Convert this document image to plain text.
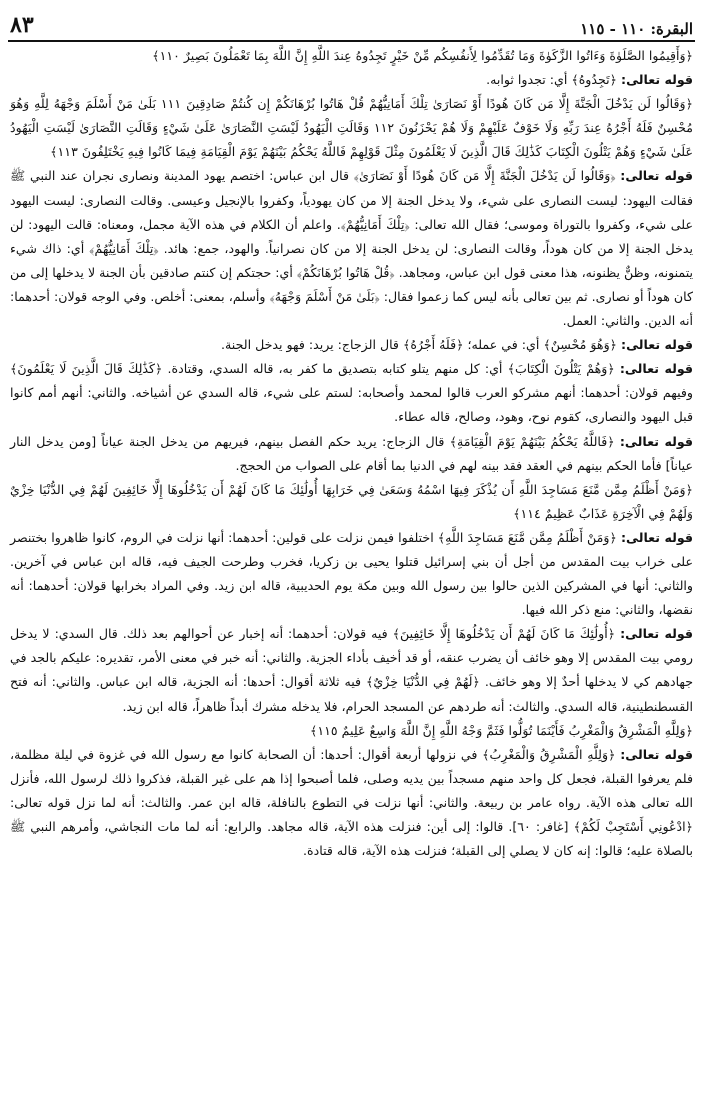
البقرة: ١١٠ - ١١٥
٨٣
﴿وَأَقِيمُوا الصَّلَوٰةَ وَءَاتُوا الزَّكَوٰةَ وَمَا تُقَدِّمُوا لِأَنفُسِكُم مِّنْ خَيْرٍ تَجِدُوهُ عِندَ اللَّهِ إِنَّ اللَّهَ بِمَا تَعْمَلُونَ بَصِيرٌ ١١٠﴾
قوله تعالى: ﴿تَجِدُوهُ﴾ أي: تجدوا ثوابه.
﴿وَقَالُوا لَن يَدْخُلَ الْجَنَّةَ إِلَّا مَن كَانَ هُودًا أَوْ نَصَارَىٰ تِلْكَ أَمَانِيُّهُمْ قُلْ هَاتُوا بُرْهَانَكُمْ إِن كُنتُمْ صَادِقِينَ ١١١ بَلَىٰ مَنْ أَسْلَمَ وَجْهَهُ لِلَّهِ وَهُوَ مُحْسِنٌ فَلَهُ أَجْرُهُ عِندَ رَبِّهِ وَلَا خَوْفٌ عَلَيْهِمْ وَلَا هُمْ يَحْزَنُونَ ١١٢ وَقَالَتِ الْيَهُودُ لَيْسَتِ النَّصَارَىٰ عَلَىٰ شَيْءٍ وَقَالَتِ النَّصَارَىٰ لَيْسَتِ الْيَهُودُ عَلَىٰ شَيْءٍ وَهُمْ يَتْلُونَ الْكِتَابَ كَذَٰلِكَ قَالَ الَّذِينَ لَا يَعْلَمُونَ مِثْلَ قَوْلِهِمْ فَاللَّهُ يَحْكُمُ بَيْنَهُمْ يَوْمَ الْقِيَامَةِ فِيمَا كَانُوا فِيهِ يَخْتَلِفُونَ ١١٣﴾
قوله تعالى: ﴿وَقَالُوا لَن يَدْخُلَ الْجَنَّةَ إِلَّا مَن كَانَ هُودًا أَوْ نَصَارَىٰ﴾ قال ابن عباس: اختصم يهود المدينة ونصارى نجران عند النبي ﷺ فقالت اليهود: ليست النصارى على شيء، ولا يدخل الجنة إلا من كان يهودياً، وكفروا بالإنجيل وعيسى. وقالت النصارى: ليست اليهود على شيء، وكفروا بالتوراة وموسى؛ فقال الله تعالى: ﴿تِلْكَ أَمَانِيُّهُمْ﴾. واعلم أن الكلام في هذه الآية مجمل، ومعناه: قالت اليهود: لن يدخل الجنة إلا من كان هوداً، وقالت النصارى: لن يدخل الجنة إلا من كان نصرانياً. والهود، جمع: هائد. ﴿تِلْكَ أَمَانِيُّهُمْ﴾ أي: ذاك شيء يتمنونه، وظنٌّ يظنونه، هذا معنى قول ابن عباس، ومجاهد. ﴿قُلْ هَاتُوا بُرْهَانَكُمْ﴾ أي: حجتكم إن كنتم صادقين بأن الجنة لا يدخلها إلى من كان هوداً أو نصارى. ثم بين تعالى بأنه ليس كما زعموا فقال: ﴿بَلَىٰ مَنْ أَسْلَمَ وَجْهَهُ﴾ وأسلم، بمعنى: أخلص. وفي الوجه قولان: أحدهما: أنه الدين. والثاني: العمل.
قوله تعالى: ﴿وَهُوَ مُحْسِنٌ﴾ أي: في عمله؛ ﴿فَلَهُ أَجْرُهُ﴾ قال الزجاج: يريد: فهو يدخل الجنة.
قوله تعالى: ﴿وَهُمْ يَتْلُونَ الْكِتَابَ﴾ أي: كل منهم يتلو كتابه بتصديق ما كفر به، قاله السدي، وقتادة. ﴿كَذَٰلِكَ قَالَ الَّذِينَ لَا يَعْلَمُونَ﴾ وفيهم قولان: أحدهما: أنهم مشركو العرب قالوا لمحمد وأصحابه: لستم على شيء، قاله السدي عن أشياخه. والثاني: أنهم أمم كانوا قبل اليهود والنصارى، كقوم نوح، وهود، وصالح، قاله عطاء.
قوله تعالى: ﴿فَاللَّهُ يَحْكُمُ بَيْنَهُمْ يَوْمَ الْقِيَامَةِ﴾ قال الزجاج: يريد حكم الفصل بينهم، فيريهم من يدخل الجنة عياناً [ومن يدخل النار عياناً] فأما الحكم بينهم في العقد فقد بينه لهم في الدنيا بما أقام على الصواب من الحجج.
﴿وَمَنْ أَظْلَمُ مِمَّن مَّنَعَ مَسَاجِدَ اللَّهِ أَن يُذْكَرَ فِيهَا اسْمُهُ وَسَعَىٰ فِي خَرَابِهَا أُولَٰئِكَ مَا كَانَ لَهُمْ أَن يَدْخُلُوهَا إِلَّا خَائِفِينَ لَهُمْ فِي الدُّنْيَا خِزْيٌ وَلَهُمْ فِي الْآخِرَةِ عَذَابٌ عَظِيمٌ ١١٤﴾
قوله تعالى: ﴿وَمَنْ أَظْلَمُ مِمَّن مَّنَعَ مَسَاجِدَ اللَّهِ﴾ اختلفوا فيمن نزلت على قولين: أحدهما: أنها نزلت في الروم، كانوا ظاهروا بختنصر على خراب بيت المقدس من أجل أن بني إسرائيل قتلوا يحيى بن زكريا، فخرب وطرحت الجيف فيه، قاله ابن عباس في آخرين. والثاني: أنها في المشركين الذين حالوا بين رسول الله وبين مكة يوم الحديبية، قاله ابن زيد. وفي المراد بخرابها قولان: أحدهما: أنه نقضها، والثاني: منع ذكر الله فيها.
قوله تعالى: ﴿أُولَٰئِكَ مَا كَانَ لَهُمْ أَن يَدْخُلُوهَا إِلَّا خَائِفِينَ﴾ فيه قولان: أحدهما: أنه إخبار عن أحوالهم بعد ذلك. قال السدي: لا يدخل رومي بيت المقدس إلا وهو خائف أن يضرب عنقه، أو قد أخيف بأداء الجزية. والثاني: أنه خبر في معنى الأمر، تقديره: عليكم بالجد في جهادهم كي لا يدخلها أحدٌ إلا وهو خائف. ﴿لَهُمْ فِي الدُّنْيَا خِزْيٌ﴾ فيه ثلاثة أقوال: أحدها: أنه الجزية، قاله ابن عباس. والثاني: أنه فتح القسطنطينية، قاله السدي. والثالث: أنه طردهم عن المسجد الحرام، فلا يدخله مشرك أبداً ظاهراً، قاله ابن زيد.
﴿وَلِلَّهِ الْمَشْرِقُ وَالْمَغْرِبُ فَأَيْنَمَا تُوَلُّوا فَثَمَّ وَجْهُ اللَّهِ إِنَّ اللَّهَ وَاسِعٌ عَلِيمٌ ١١٥﴾
قوله تعالى: ﴿وَلِلَّهِ الْمَشْرِقُ وَالْمَغْرِبُ﴾ في نزولها أربعة أقوال: أحدها: أن الصحابة كانوا مع رسول الله في غزوة في ليلة مظلمة، فلم يعرفوا القبلة، فجعل كل واحد منهم مسجداً بين يديه وصلى، فلما أصبحوا إذا هم على غير القبلة، فذكروا ذلك لرسول الله، فأنزل الله تعالى هذه الآية. رواه عامر بن ربيعة. والثاني: أنها نزلت في التطوع بالنافلة، قاله ابن عمر. والثالث: أنه لما نزل قوله تعالى: ﴿ادْعُونِي أَسْتَجِبْ لَكُمْ﴾ [غافر: ٦٠]. قالوا: إلى أين: فنزلت هذه الآية، قاله مجاهد. والرابع: أنه لما مات النجاشي، وأمرهم النبي ﷺ بالصلاة عليه؛ قالوا: إنه كان لا يصلي إلى القبلة؛ فنزلت هذه الآية، قاله قتادة.
